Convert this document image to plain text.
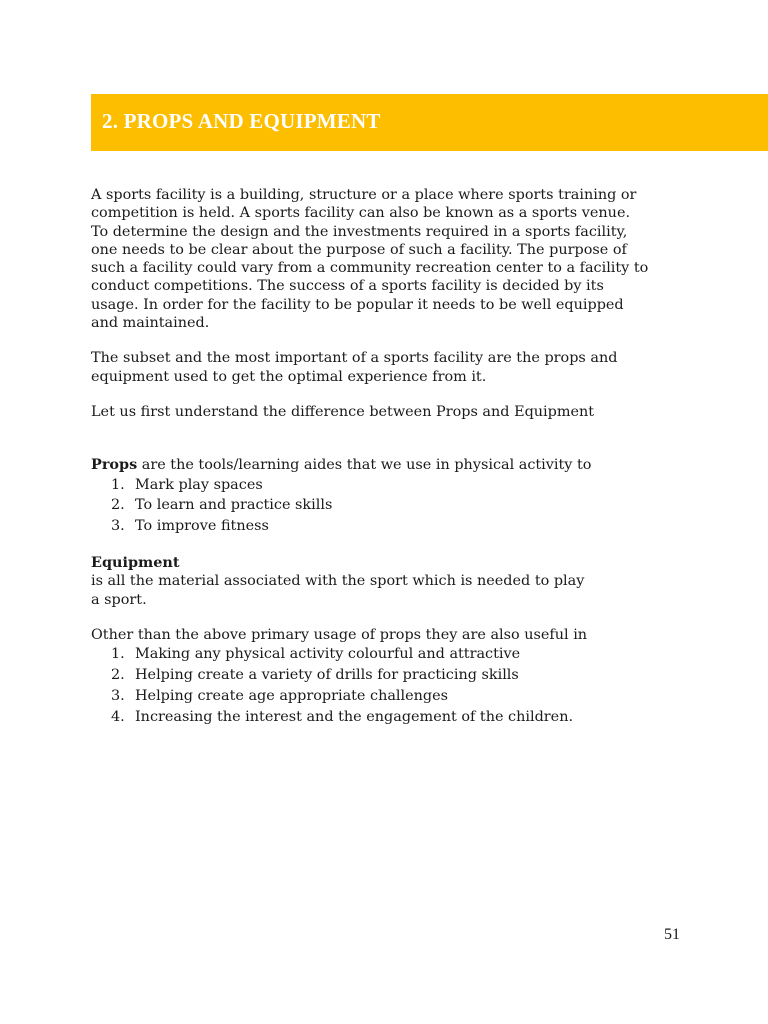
2. PROPS AND EQUIPMENT

A sports facility is a building, structure or a place where sports training or
competition is held. A sports facility can also be known as a sports venue.
To determine the design and the investments required in a sports facility,
one needs to be clear about the purpose of such a facility. The purpose of
such a facility could vary from a community recreation center to a facility to
conduct competitions. The success of a sports facility is decided by its
usage. In order for the facility to be popular it needs to be well equipped
and maintained.

The subset and the most important of a sports facility are the props and
equipment used to get the optimal experience from it.

Let us first understand the difference between Props and Equipment

Props are the tools/learning aides that we use in physical activity to

1. Mark play spaces
2. To learn and practice skills
3. To improve fitness

Equipment
is all the material associated with the sport which is needed to play
a sport.

Other than the above primary usage of props they are also useful in

1. Making any physical activity colourful and attractive
2. Helping create a variety of drills for practicing skills
3. Helping create age appropriate challenges
4. Increasing the interest and the engagement of the children.
51
